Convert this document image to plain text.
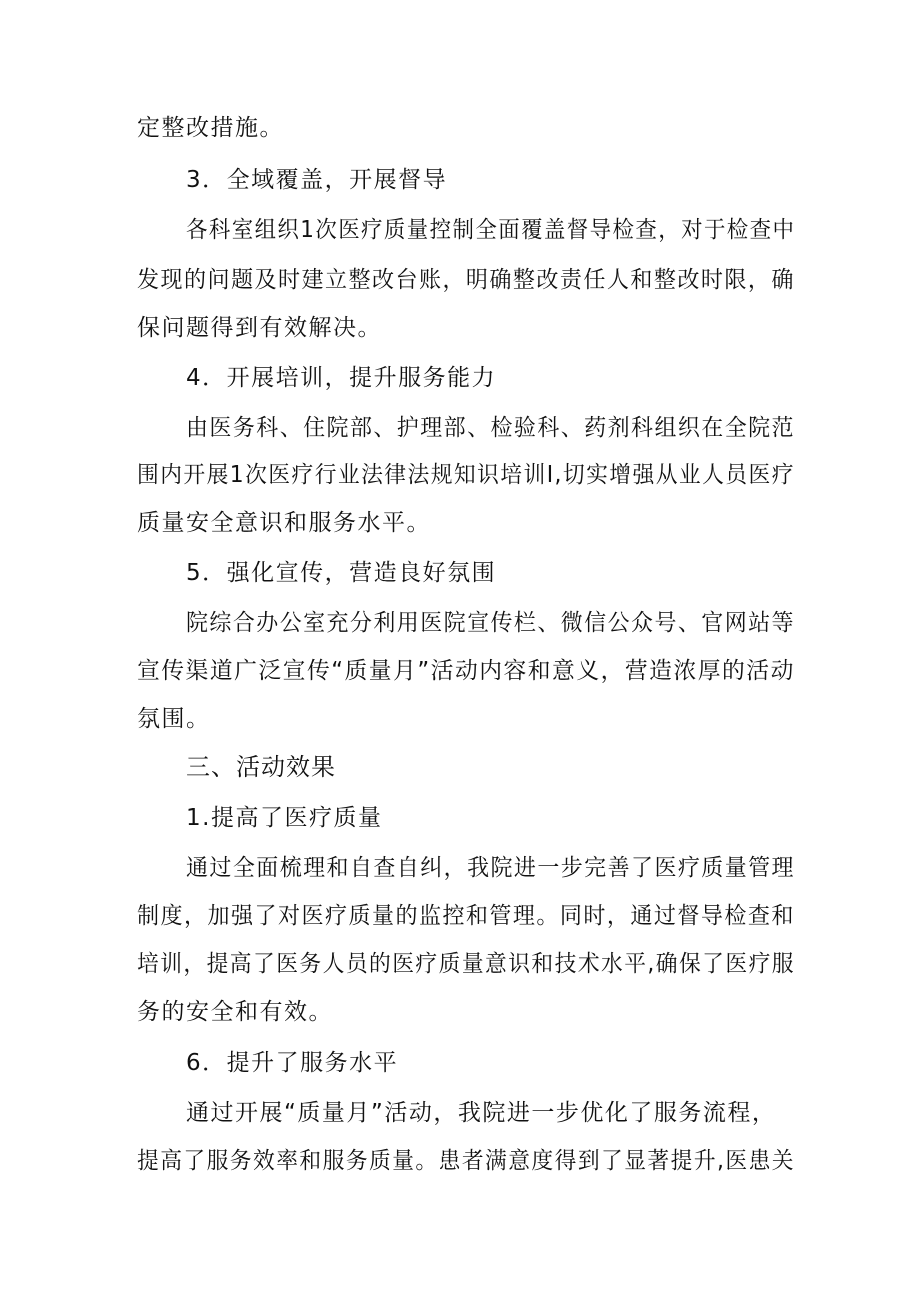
定整改措施。
3．全域覆盖，开展督导
各科室组织1次医疗质量控制全面覆盖督导检查，对于检查中
发现的问题及时建立整改台账，明确整改责任人和整改时限，确
保问题得到有效解决。
4．开展培训，提升服务能力
由医务科、住院部、护理部、检验科、药剂科组织在全院范
围内开展1次医疗行业法律法规知识培训I,切实增强从业人员医疗
质量安全意识和服务水平。
5．强化宣传，营造良好氛围
院综合办公室充分利用医院宣传栏、微信公众号、官网站等
宣传渠道广泛宣传“质量月”活动内容和意义，营造浓厚的活动
氛围。
三、活动效果
1.提高了医疗质量
通过全面梳理和自查自纠，我院进一步完善了医疗质量管理
制度，加强了对医疗质量的监控和管理。同时，通过督导检查和
培训，提高了医务人员的医疗质量意识和技术水平,确保了医疗服
务的安全和有效。
6．提升了服务水平
通过开展“质量月”活动，我院进一步优化了服务流程，
提高了服务效率和服务质量。患者满意度得到了显著提升,医患关
